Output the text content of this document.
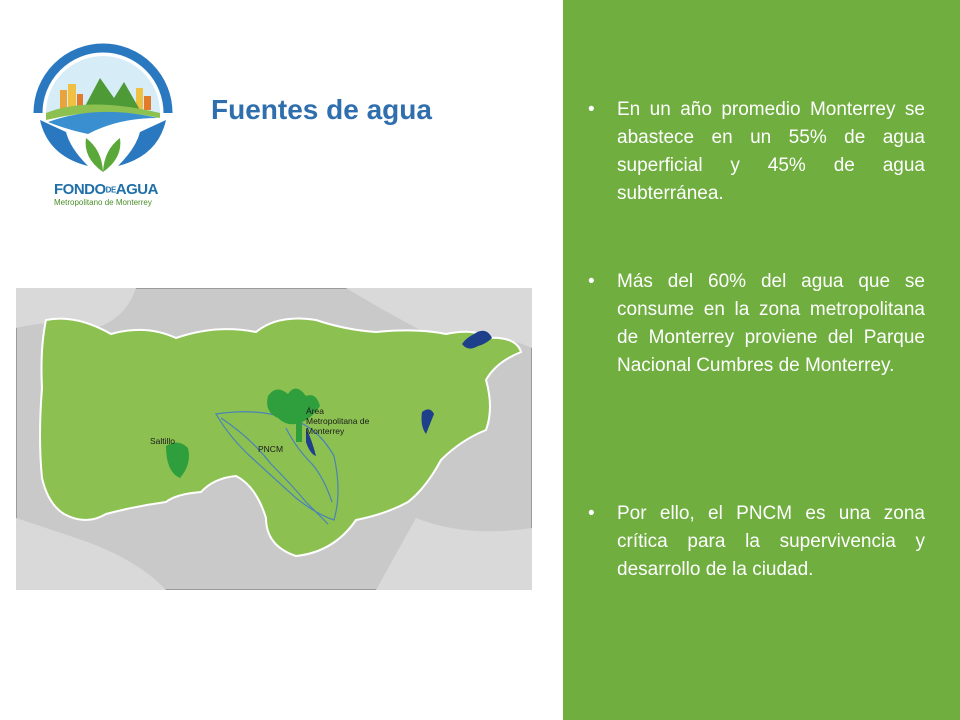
FONDODEAGUA
Metropolitano de Monterrey
Fuentes de agua
Área
Metropolitana de
Monterrey
PNCM
Saltillo
•	En un año promedio Monterrey se abastece en un 55% de agua superficial y 45% de agua subterránea.
•	Más del 60% del agua que se consume en la zona metropolitana de Monterrey proviene del Parque Nacional Cumbres de Monterrey.
•	Por ello, el PNCM es una zona crítica para la supervivencia y desarrollo de la ciudad.
